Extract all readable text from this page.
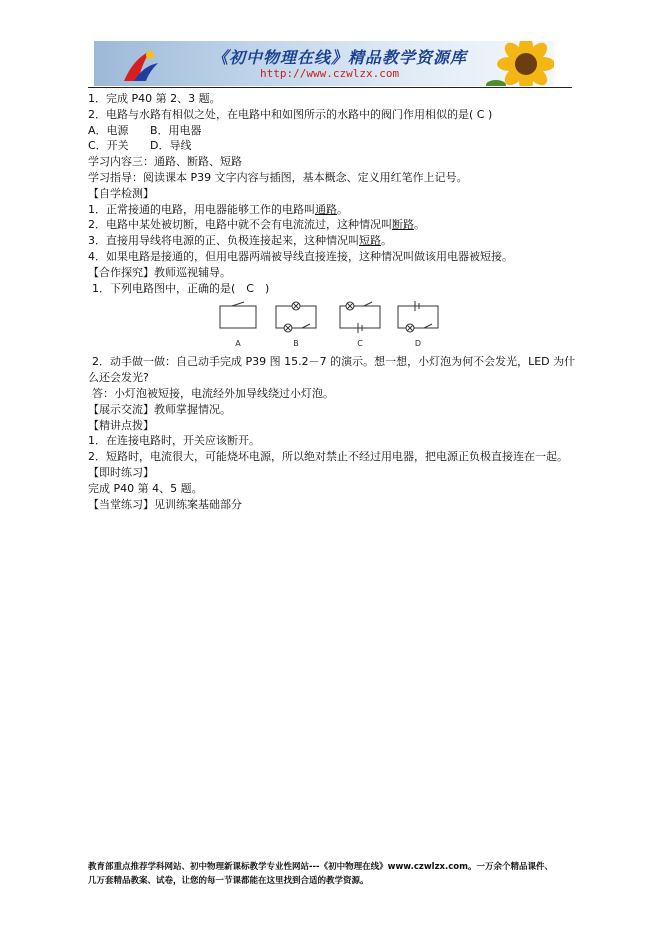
《初中物理在线》精品教学资源库
http://www.czwlzx.com

1．完成 P40 第 2、3 题。

2．电路与水路有相似之处，在电路中和如图所示的水路中的阀门作用相似的是( C )

A．电源 B．用电器

C．开关 D．导线

学习内容三：通路、断路、短路

学习指导：阅读课本 P39 文字内容与插图，基本概念、定义用红笔作上记号。

【自学检测】

1．正常接通的电路，用电器能够工作的电路叫通路。

2．电路中某处被切断，电路中就不会有电流流过，这种情况叫断路。

3．直接用导线将电源的正、负极连接起来，这种情况叫短路。

4．如果电路是接通的，但用电器两端被导线直接连接，这种情况叫做该用电器被短接。

【合作探究】教师巡视辅导。

1．下列电路图中，正确的是(　C　)

A	B	C	D

2．动手做一做：自己动手完成 P39 图 15.2－7 的演示。想一想，小灯泡为何不会发光，LED 为什么还会发光?

答：小灯泡被短接，电流经外加导线绕过小灯泡。

【展示交流】教师掌握情况。

【精讲点拨】

1．在连接电路时，开关应该断开。

2．短路时，电流很大，可能烧坏电源，所以绝对禁止不经过用电器，把电源正负极直接连在一起。

【即时练习】

完成 P40 第 4、5 题。

【当堂练习】见训练案基础部分

教育部重点推荐学科网站、初中物理新课标教学专业性网站---《初中物理在线》www.czwlzx.com。一万余个精品课件、
几万套精品教案、试卷，让您的每一节课都能在这里找到合适的教学资源。
